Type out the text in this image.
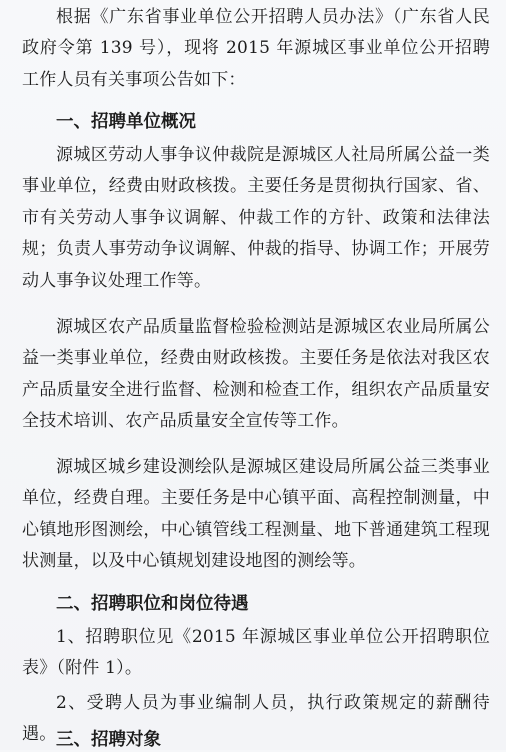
根据《广东省事业单位公开招聘人员办法》（广东省人民政府令第 139 号），现将 2015 年源城区事业单位公开招聘工作人员有关事项公告如下：

一、招聘单位概况

源城区劳动人事争议仲裁院是源城区人社局所属公益一类事业单位，经费由财政核拨。主要任务是贯彻执行国家、省、市有关劳动人事争议调解、仲裁工作的方针、政策和法律法规；负责人事劳动争议调解、仲裁的指导、协调工作；开展劳动人事争议处理工作等。

源城区农产品质量监督检验检测站是源城区农业局所属公益一类事业单位，经费由财政核拨。主要任务是依法对我区农产品质量安全进行监督、检测和检查工作，组织农产品质量安全技术培训、农产品质量安全宣传等工作。

源城区城乡建设测绘队是源城区建设局所属公益三类事业单位，经费自理。主要任务是中心镇平面、高程控制测量，中心镇地形图测绘，中心镇管线工程测量、地下普通建筑工程现状测量，以及中心镇规划建设地图的测绘等。

二、招聘职位和岗位待遇

1、招聘职位见《2015 年源城区事业单位公开招聘职位表》（附件 1）。

2、受聘人员为事业编制人员，执行政策规定的薪酬待遇。 三、招聘对象
